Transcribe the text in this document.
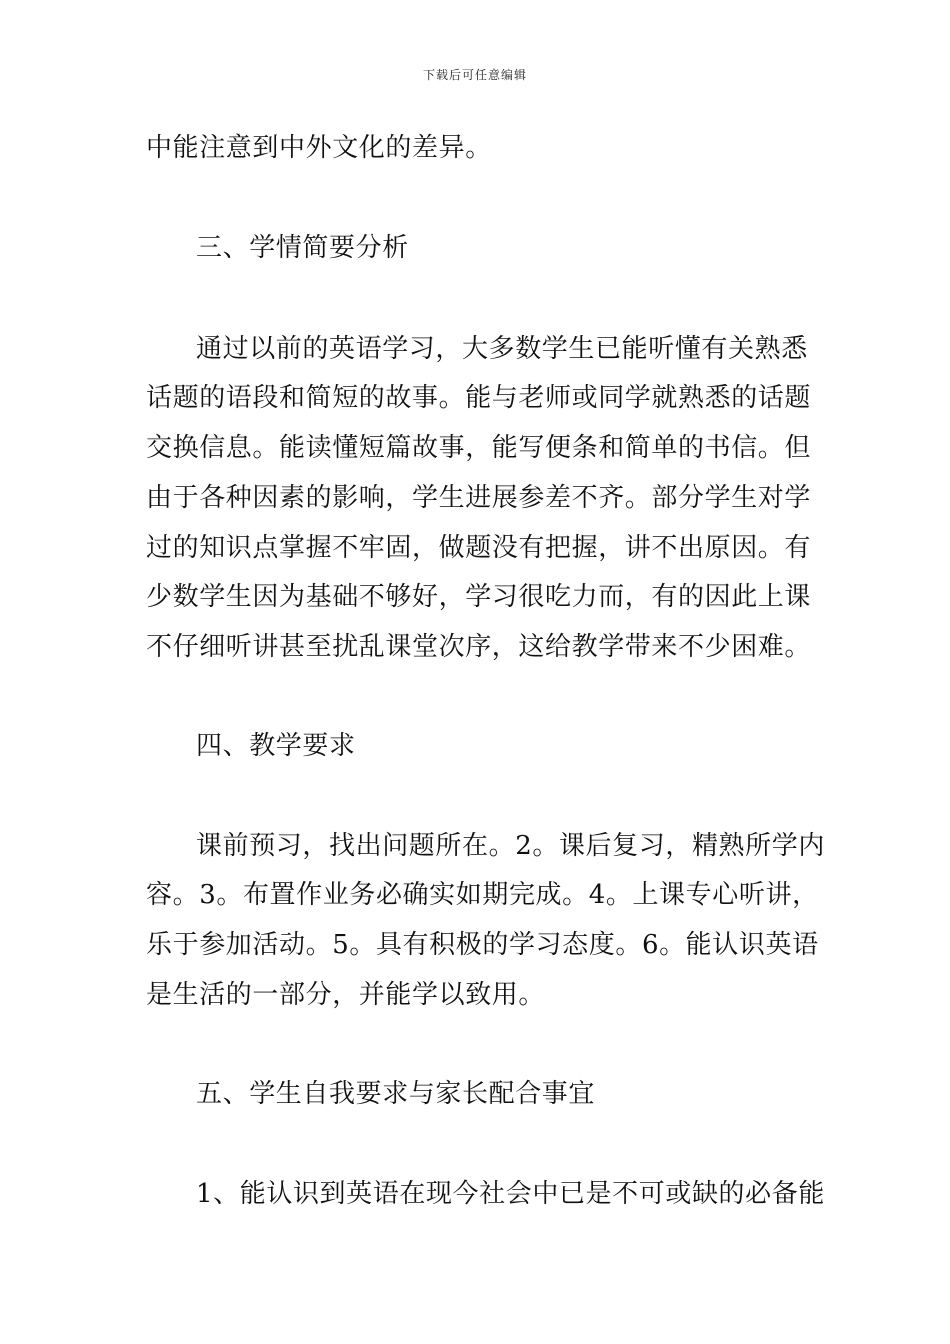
下载后可任意编辑
中能注意到中外文化的差异。
三、学情简要分析
通过以前的英语学习，大多数学生已能听懂有关熟悉
话题的语段和简短的故事。能与老师或同学就熟悉的话题
交换信息。能读懂短篇故事，能写便条和简单的书信。但
由于各种因素的影响，学生进展参差不齐。部分学生对学
过的知识点掌握不牢固，做题没有把握，讲不出原因。有
少数学生因为基础不够好，学习很吃力而，有的因此上课
不仔细听讲甚至扰乱课堂次序，这给教学带来不少困难。
四、教学要求
课前预习，找出问题所在。2。课后复习，精熟所学内
容。3。布置作业务必确实如期完成。4。上课专心听讲，
乐于参加活动。5。具有积极的学习态度。6。能认识英语
是生活的一部分，并能学以致用。
五、学生自我要求与家长配合事宜
1、能认识到英语在现今社会中已是不可或缺的必备能
